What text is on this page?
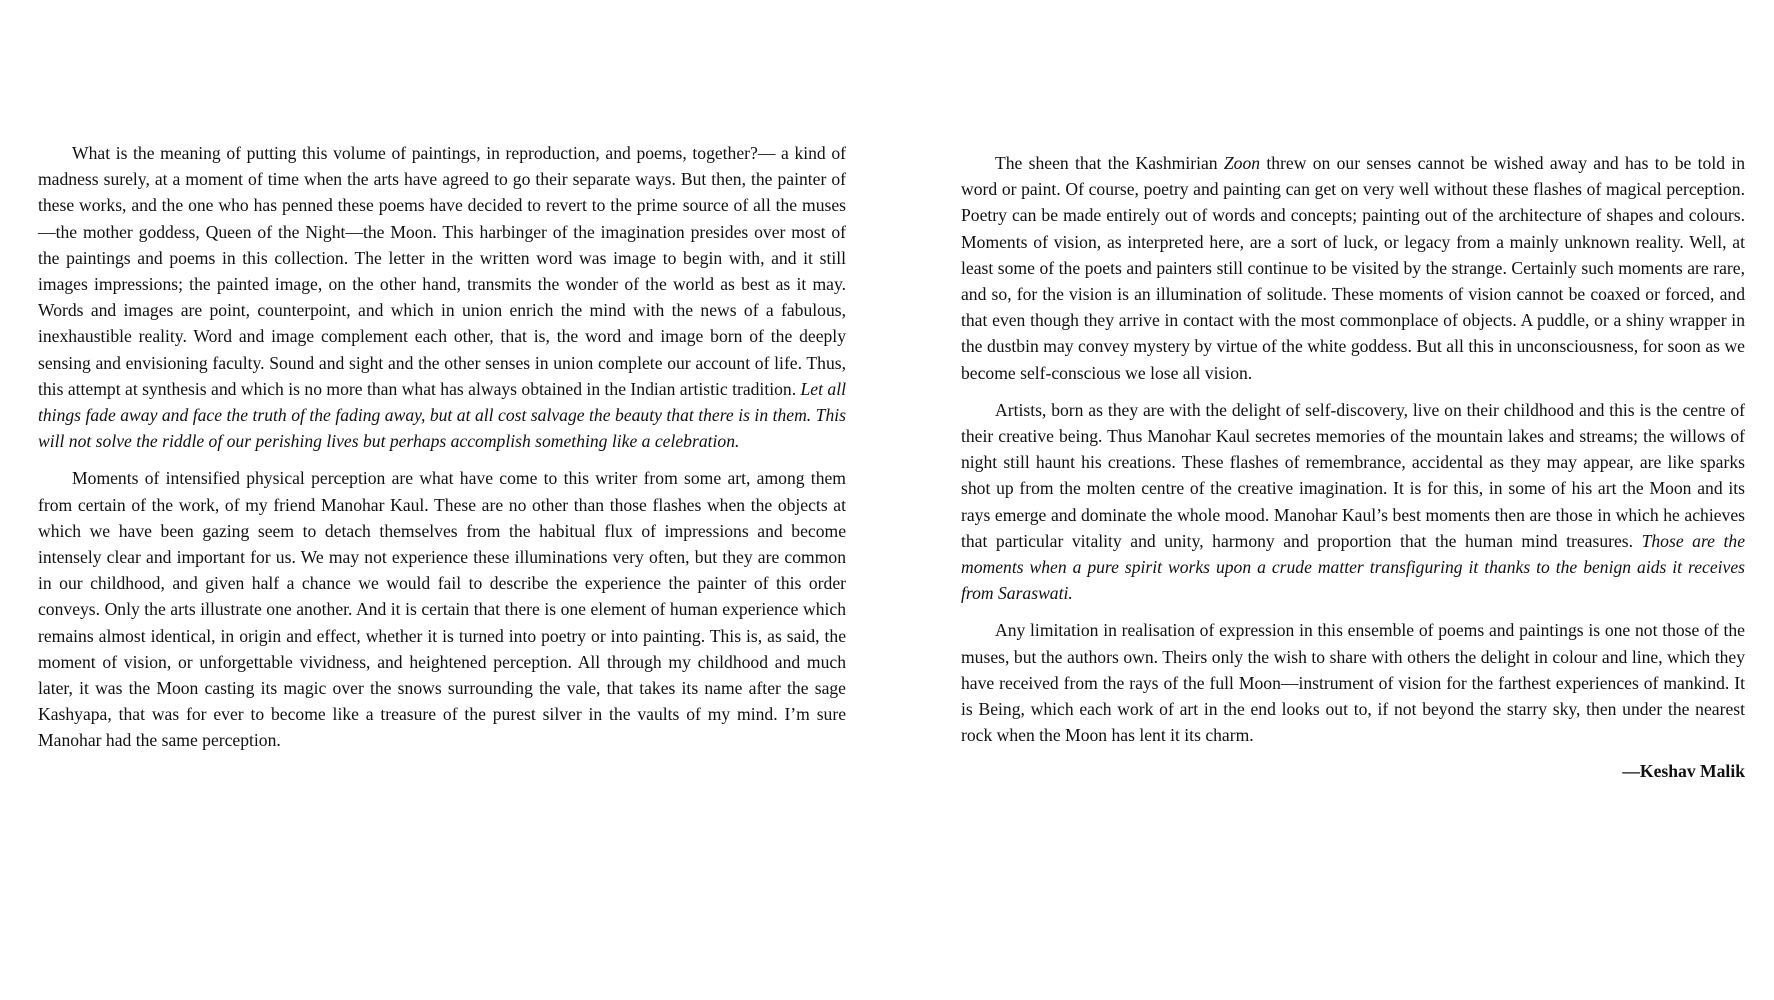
What is the meaning of putting this volume of paintings, in reproduction, and poems, together?— a kind of madness surely, at a moment of time when the arts have agreed to go their separate ways. But then, the painter of these works, and the one who has penned these poems have decided to revert to the prime source of all the muses—the mother goddess, Queen of the Night—the Moon. This harbinger of the imagination presides over most of the paintings and poems in this collection. The letter in the written word was image to begin with, and it still images impressions; the painted image, on the other hand, transmits the wonder of the world as best as it may. Words and images are point, counterpoint, and which in union enrich the mind with the news of a fabulous, inexhaustible reality. Word and image complement each other, that is, the word and image born of the deeply sensing and envisioning faculty. Sound and sight and the other senses in union complete our account of life. Thus, this attempt at synthesis and which is no more than what has always obtained in the Indian artistic tradition. Let all things fade away and face the truth of the fading away, but at all cost salvage the beauty that there is in them. This will not solve the riddle of our perishing lives but perhaps accomplish something like a celebration.

Moments of intensified physical perception are what have come to this writer from some art, among them from certain of the work, of my friend Manohar Kaul. These are no other than those flashes when the objects at which we have been gazing seem to detach themselves from the habitual flux of impressions and become intensely clear and important for us. We may not experience these illuminations very often, but they are common in our childhood, and given half a chance we would fail to describe the experience the painter of this order conveys. Only the arts illustrate one another. And it is certain that there is one element of human experience which remains almost identical, in origin and effect, whether it is turned into poetry or into painting. This is, as said, the moment of vision, or unforgettable vividness, and heightened perception. All through my childhood and much later, it was the Moon casting its magic over the snows surrounding the vale, that takes its name after the sage Kashyapa, that was for ever to become like a treasure of the purest silver in the vaults of my mind. I’m sure Manohar had the same perception.

The sheen that the Kashmirian Zoon threw on our senses cannot be wished away and has to be told in word or paint. Of course, poetry and painting can get on very well without these flashes of magical perception. Poetry can be made entirely out of words and concepts; painting out of the architecture of shapes and colours. Moments of vision, as interpreted here, are a sort of luck, or legacy from a mainly unknown reality. Well, at least some of the poets and painters still continue to be visited by the strange. Certainly such moments are rare, and so, for the vision is an illumination of solitude. These moments of vision cannot be coaxed or forced, and that even though they arrive in contact with the most commonplace of objects. A puddle, or a shiny wrapper in the dustbin may convey mystery by virtue of the white goddess. But all this in unconsciousness, for soon as we become self-conscious we lose all vision.

Artists, born as they are with the delight of self-discovery, live on their childhood and this is the centre of their creative being. Thus Manohar Kaul secretes memories of the mountain lakes and streams; the willows of night still haunt his creations. These flashes of remembrance, accidental as they may appear, are like sparks shot up from the molten centre of the creative imagination. It is for this, in some of his art the Moon and its rays emerge and dominate the whole mood. Manohar Kaul’s best moments then are those in which he achieves that particular vitality and unity, harmony and proportion that the human mind treasures. Those are the moments when a pure spirit works upon a crude matter transfiguring it thanks to the benign aids it receives from Saraswati.

Any limitation in realisation of expression in this ensemble of poems and paintings is one not those of the muses, but the authors own. Theirs only the wish to share with others the delight in colour and line, which they have received from the rays of the full Moon—instrument of vision for the farthest experiences of mankind. It is Being, which each work of art in the end looks out to, if not beyond the starry sky, then under the nearest rock when the Moon has lent it its charm.

—Keshav Malik
